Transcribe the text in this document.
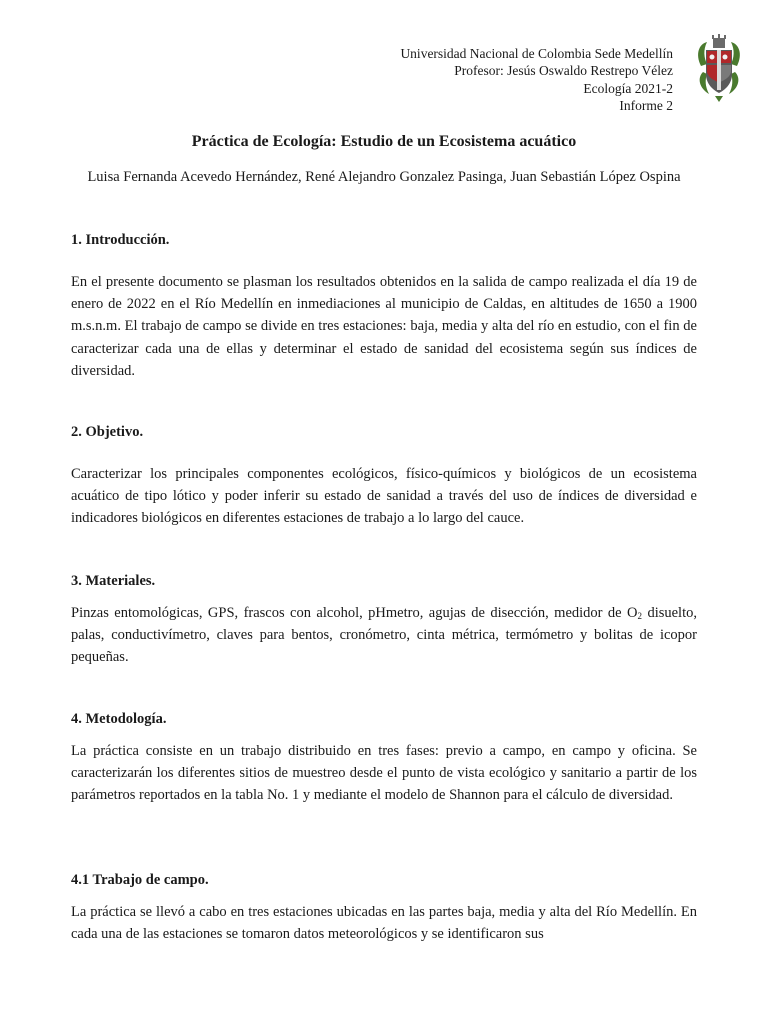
Universidad Nacional de Colombia Sede Medellín
Profesor: Jesús Oswaldo Restrepo Vélez
Ecología 2021-2
Informe 2
Práctica de Ecología: Estudio de un Ecosistema acuático
Luisa Fernanda Acevedo Hernández, René Alejandro Gonzalez Pasinga, Juan Sebastián López Ospina
1. Introducción.

En el presente documento se plasman los resultados obtenidos en la salida de campo realizada el día 19 de enero de 2022 en el Río Medellín en inmediaciones al municipio de Caldas, en altitudes de 1650 a 1900 m.s.n.m. El trabajo de campo se divide en tres estaciones: baja, media y alta del río en estudio, con el fin de caracterizar cada una de ellas y determinar el estado de sanidad del ecosistema según sus índices de diversidad.

2. Objetivo.

Caracterizar los principales componentes ecológicos, físico-químicos y biológicos de un ecosistema acuático de tipo lótico y poder inferir su estado de sanidad a través del uso de índices de diversidad e indicadores biológicos en diferentes estaciones de trabajo a lo largo del cauce.

3. Materiales.

Pinzas entomológicas, GPS, frascos con alcohol, pHmetro, agujas de disección, medidor de $O_2$ disuelto, palas, conductivímetro, claves para bentos, cronómetro, cinta métrica, termómetro y bolitas de icopor pequeñas.

4. Metodología.

La práctica consiste en un trabajo distribuido en tres fases: previo a campo, en campo y oficina. Se caracterizarán los diferentes sitios de muestreo desde el punto de vista ecológico y sanitario a partir de los parámetros reportados en la tabla No. 1 y mediante el modelo de Shannon para el cálculo de diversidad.

4.1 Trabajo de campo.

La práctica se llevó a cabo en tres estaciones ubicadas en las partes baja, media y alta del Río Medellín. En cada una de las estaciones se tomaron datos meteorológicos y se identificaron sus
